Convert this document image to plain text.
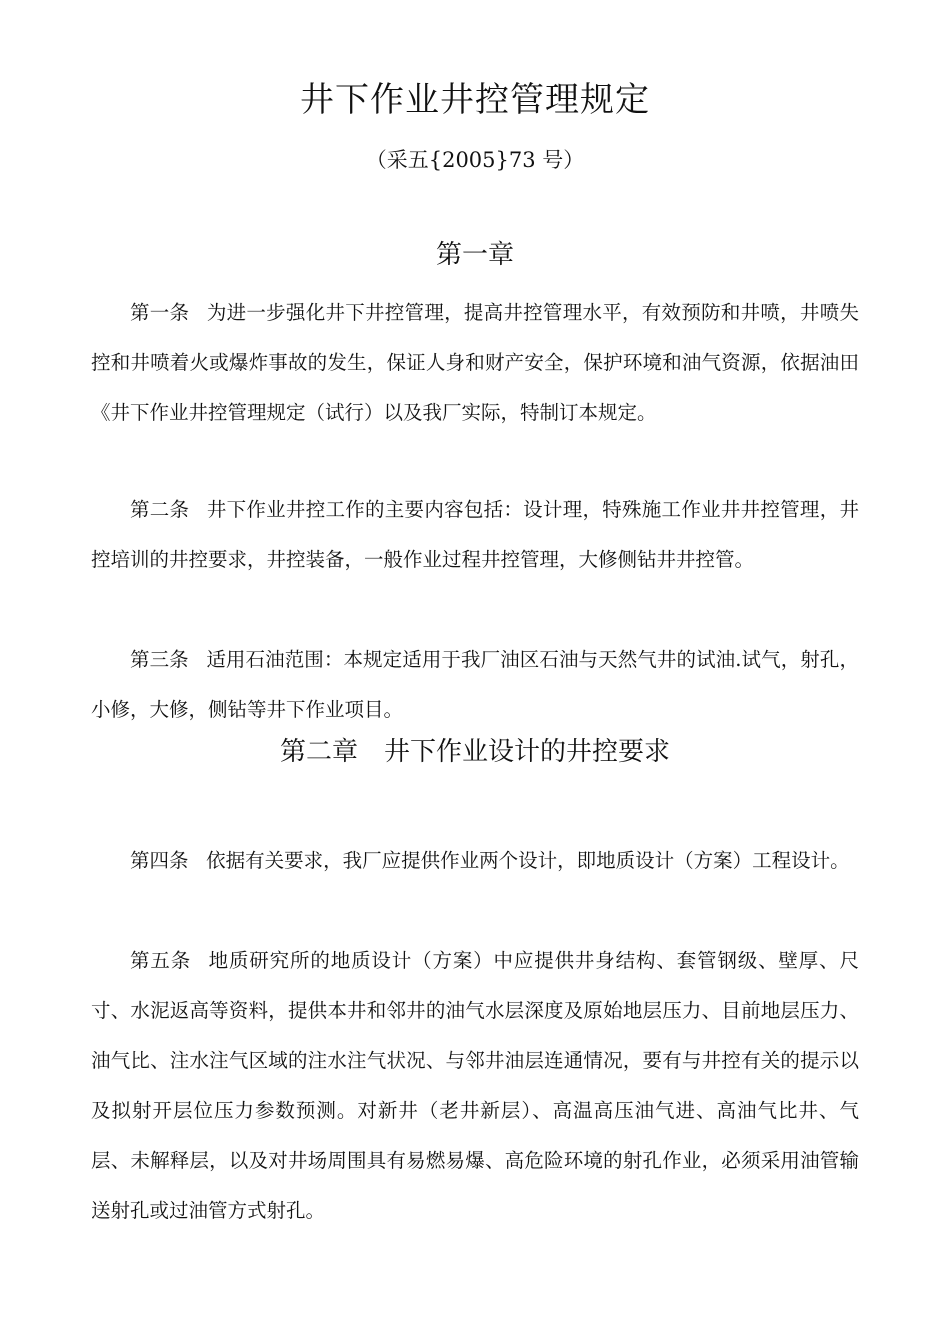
井下作业井控管理规定
（采五{2005}73 号）
第一章

第一条 为进一步强化井下井控管理，提高井控管理水平，有效预防和井喷，井喷失控和井喷着火或爆炸事故的发生，保证人身和财产安全，保护环境和油气资源，依据油田《井下作业井控管理规定（试行）以及我厂实际，特制订本规定。

第二条 井下作业井控工作的主要内容包括：设计理，特殊施工作业井井控管理，井控培训的井控要求，井控装备，一般作业过程井控管理，大修侧钻井井控管。

第三条 适用石油范围：本规定适用于我厂油区石油与天然气井的试油.试气，射孔，小修，大修，侧钻等井下作业项目。

第二章　井下作业设计的井控要求

第四条 依据有关要求，我厂应提供作业两个设计，即地质设计（方案）工程设计。

第五条 地质研究所的地质设计（方案）中应提供井身结构、套管钢级、壁厚、尺寸、水泥返高等资料，提供本井和邻井的油气水层深度及原始地层压力、目前地层压力、油气比、注水注气区域的注水注气状况、与邻井油层连通情况，要有与井控有关的提示以及拟射开层位压力参数预测。对新井（老井新层）、高温高压油气进、高油气比井、气层、未解释层，以及对井场周围具有易燃易爆、高危险环境的射孔作业，必须采用油管输送射孔或过油管方式射孔。
